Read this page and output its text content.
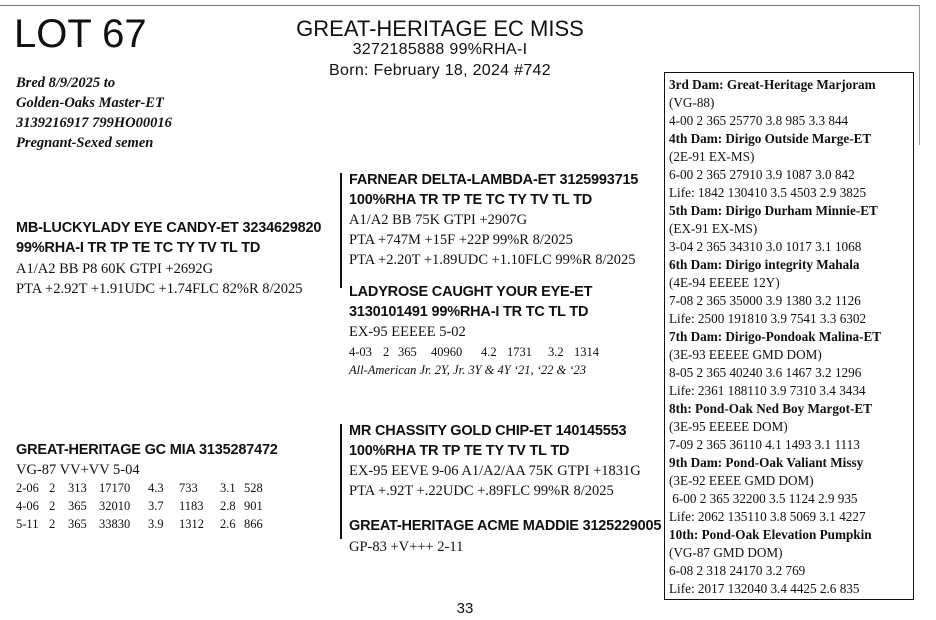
LOT 67	GREAT-HERITAGE EC MISS
3272185888 99%RHA-I
Born: February 18, 2024 #742
Bred 8/9/2025 to
Golden-Oaks Master-ET
3139216917 799HO00016
Pregnant-Sexed semen
MB-LUCKYLADY EYE CANDY-ET 3234629820
99%RHA-I TR TP TE TC TY TV TL TD
A1/A2 BB P8 60K GTPI +2692G
PTA +2.92T +1.91UDC +1.74FLC 82%R 8/2025
FARNEAR DELTA-LAMBDA-ET 3125993715
100%RHA TR TP TE TC TY TV TL TD
A1/A2 BB 75K GTPI +2907G
PTA +747M +15F +22P 99%R 8/2025
PTA +2.20T +1.89UDC +1.10FLC 99%R 8/2025
LADYROSE CAUGHT YOUR EYE-ET
3130101491 99%RHA-I TR TC TL TD
EX-95 EEEEE 5-02
4-03 2 365 40960 4.2 1731 3.2 1314
All-American Jr. 2Y, Jr. 3Y & 4Y ‘21, ‘22 & ‘23
GREAT-HERITAGE GC MIA 3135287472
VG-87 VV+VV 5-04
2-06 2 313 17170 4.3 733 3.1 528
4-06 2 365 32010 3.7 1183 2.8 901
5-11 2 365 33830 3.9 1312 2.6 866
MR CHASSITY GOLD CHIP-ET 140145553
100%RHA TR TP TE TY TV TL TD
EX-95 EEVE 9-06 A1/A2/AA 75K GTPI +1831G
PTA +.92T +.22UDC +.89FLC 99%R 8/2025
GREAT-HERITAGE ACME MADDIE 3125229005
GP-83 +V+++ 2-11
33
3rd Dam: Great-Heritage Marjoram
(VG-88)
4-00 2 365 25770 3.8 985 3.3 844
4th Dam: Dirigo Outside Marge-ET
(2E-91 EX-MS)
6-00 2 365 27910 3.9 1087 3.0 842
Life: 1842 130410 3.5 4503 2.9 3825
5th Dam: Dirigo Durham Minnie-ET
(EX-91 EX-MS)
3-04 2 365 34310 3.0 1017 3.1 1068
6th Dam: Dirigo integrity Mahala
(4E-94 EEEEE 12Y)
7-08 2 365 35000 3.9 1380 3.2 1126
Life: 2500 191810 3.9 7541 3.3 6302
7th Dam: Dirigo-Pondoak Malina-ET
(3E-93 EEEEE GMD DOM)
8-05 2 365 40240 3.6 1467 3.2 1296
Life: 2361 188110 3.9 7310 3.4 3434
8th: Pond-Oak Ned Boy Margot-ET
(3E-95 EEEEE DOM)
7-09 2 365 36110 4.1 1493 3.1 1113
9th Dam: Pond-Oak Valiant Missy
(3E-92 EEEE GMD DOM)
6-00 2 365 32200 3.5 1124 2.9 935
Life: 2062 135110 3.8 5069 3.1 4227
10th: Pond-Oak Elevation Pumpkin
(VG-87 GMD DOM)
6-08 2 318 24170 3.2 769
Life: 2017 132040 3.4 4425 2.6 835
